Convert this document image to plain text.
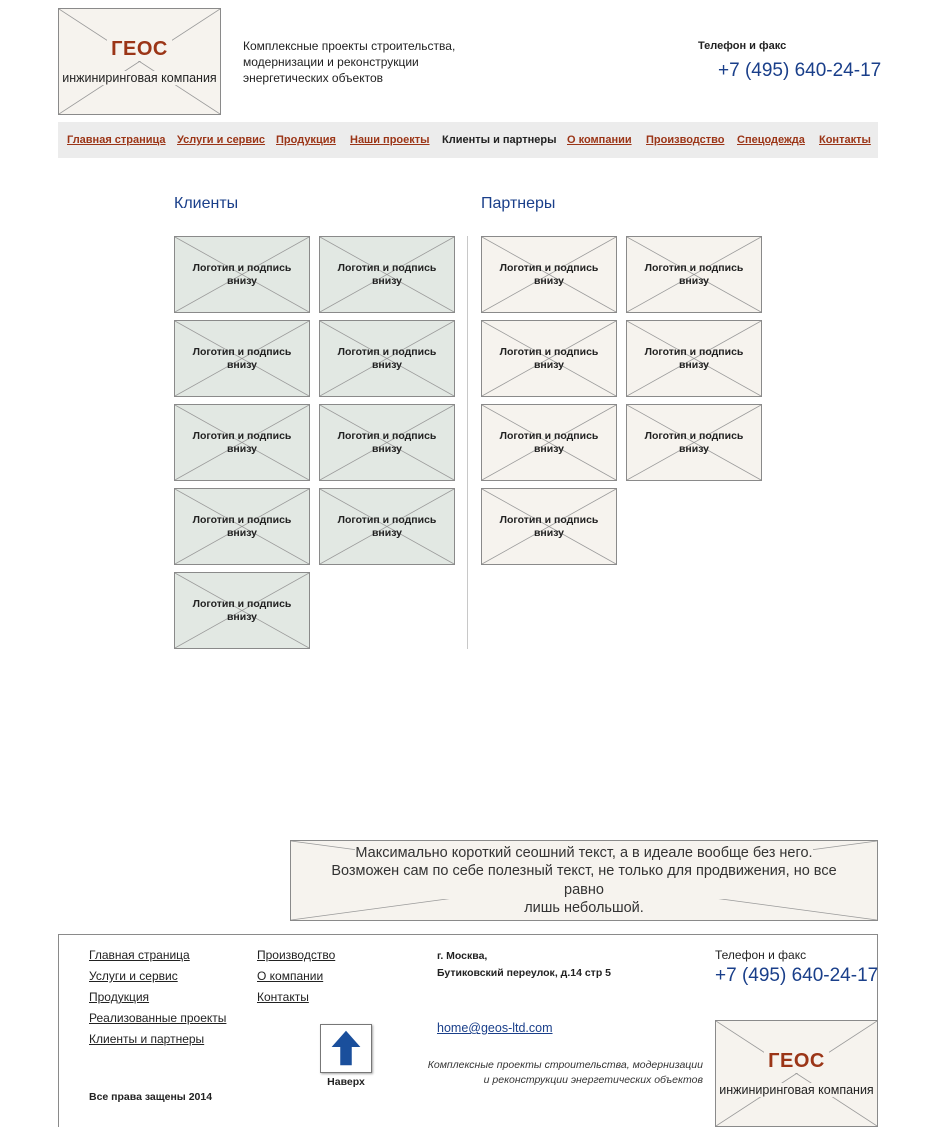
ГЕОС
инжиниринговая компания
Комплексные проекты строительства,
модернизации и реконструкции
энергетических объектов
Телефон и факс
+7 (495) 640-24-17
Главная страница Услуги и сервис Продукция Наши проекты Клиенты и партнеры О компании Производство Спецодежда Контакты
Клиенты	Партнеры
Логотип и подпись
внизу
Логотип и подпись
внизу
Логотип и подпись
внизу
Логотип и подпись
внизу
Логотип и подпись
внизу
Логотип и подпись
внизу
Логотип и подпись
внизу
Логотип и подпись
внизу
Логотип и подпись
внизу
Логотип и подпись
внизу
Логотип и подпись
внизу
Логотип и подпись
внизу
Логотип и подпись
внизу
Логотип и подпись
внизу
Логотип и подпись
внизу
Логотип и подпись
внизу
Максимально короткий сеошний текст, а в идеале вообще без него.
Возможен сам по себе полезный текст, не только для продвижения, но все равно
лишь небольшой.
Главная страница
Услуги и сервис
Продукция
Реализованные проекты
Клиенты и партнеры
Производство
О компании
Контакты
г. Москва,
Бутиковский переулок, д.14 стр 5
home@geos-ltd.com
Комплексные проекты строительства, модернизации
и реконструкции энергетических объектов
Телефон и факс
+7 (495) 640-24-17
ГЕОС
инжиниринговая компания
Наверх
Все права защены 2014
